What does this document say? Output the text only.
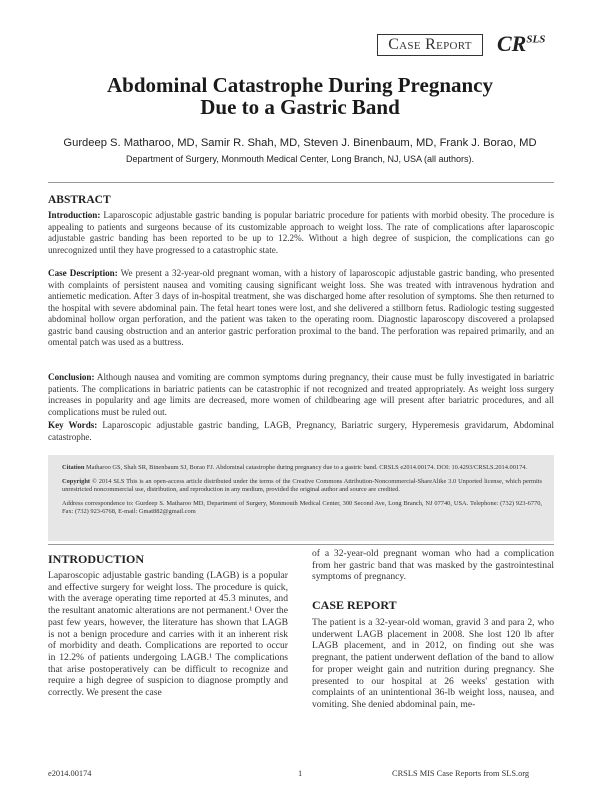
Case Report $CR^{SLS}$
Abdominal Catastrophe During Pregnancy
Due to a Gastric Band
Gurdeep S. Matharoo, MD, Samir R. Shah, MD, Steven J. Binenbaum, MD, Frank J. Borao, MD
Department of Surgery, Monmouth Medical Center, Long Branch, NJ, USA (all authors).
ABSTRACT
Introduction: Laparoscopic adjustable gastric banding is popular bariatric procedure for patients with morbid obesity. The procedure is appealing to patients and surgeons because of its customizable approach to weight loss. The rate of complications after laparoscopic adjustable gastric banding has been reported to be up to 12.2%. Without a high degree of suspicion, the complications can go unrecognized until they have progressed to a catastrophic state.
Case Description: We present a 32-year-old pregnant woman, with a history of laparoscopic adjustable gastric banding, who presented with complaints of persistent nausea and vomiting causing significant weight loss. She was treated with intravenous hydration and antiemetic medication. After 3 days of in-hospital treatment, she was discharged home after resolution of symptoms. She then returned to the hospital with severe abdominal pain. The fetal heart tones were lost, and she delivered a stillborn fetus. Radiologic testing suggested abdominal hollow organ perforation, and the patient was taken to the operating room. Diagnostic laparoscopy discovered a prolapsed gastric band causing obstruction and an anterior gastric perforation proximal to the band. The perforation was repaired primarily, and an omental patch was used as a buttress.
Conclusion: Although nausea and vomiting are common symptoms during pregnancy, their cause must be fully investigated in bariatric patients. The complications in bariatric patients can be catastrophic if not recognized and treated appropriately. As weight loss surgery increases in popularity and age limits are decreased, more women of childbearing age will present after bariatric procedures, and all complications must be ruled out.
Key Words: Laparoscopic adjustable gastric banding, LAGB, Pregnancy, Bariatric surgery, Hyperemesis gravidarum, Abdominal catastrophe.

Citation Matharoo GS, Shah SR, Binenbaum SJ, Borao FJ. Abdominal catastrophe during pregnancy due to a gastric band. CRSLS e2014.00174. DOI: 10.4293/CRSLS.2014.00174.

Copyright © 2014 SLS This is an open-access article distributed under the terms of the Creative Commons Attribution-Noncommercial-ShareAlike 3.0 Unported license, which permits unrestricted noncommercial use, distribution, and reproduction in any medium, provided the original author and source are credited.

Address correspondence to: Gurdeep S. Matharoo MD, Department of Surgery, Monmouth Medical Center, 300 Second Ave, Long Branch, NJ 07740, USA. Telephone: (732) 923-6770, Fax: (732) 923-6768, E-mail: Gmat882@gmail.com

INTRODUCTION
Laparoscopic adjustable gastric banding (LAGB) is a popular and effective surgery for weight loss. The procedure is quick, with the average operating time reported at 45.3 minutes, and the resultant anatomic alterations are not permanent.¹ Over the past few years, however, the literature has shown that LAGB is not a benign procedure and carries with it an inherent risk of morbidity and death. Complications are reported to occur in 12.2% of patients undergoing LAGB.¹ The complications that arise postoperatively can be difficult to recognize and require a high degree of suspicion to diagnose promptly and correctly. We present the case
of a 32-year-old pregnant woman who had a complication from her gastric band that was masked by the gastrointestinal symptoms of pregnancy.
CASE REPORT
The patient is a 32-year-old woman, gravid 3 and para 2, who underwent LAGB placement in 2008. She lost 120 lb after LAGB placement, and in 2012, on finding out she was pregnant, the patient underwent deflation of the band to allow for proper weight gain and nutrition during pregnancy. She presented to our hospital at 26 weeks' gestation with complaints of an unintentional 36-lb weight loss, nausea, and vomiting. She denied abdominal pain, me-
e2014.00174	1	CRSLS MIS Case Reports from SLS.org
